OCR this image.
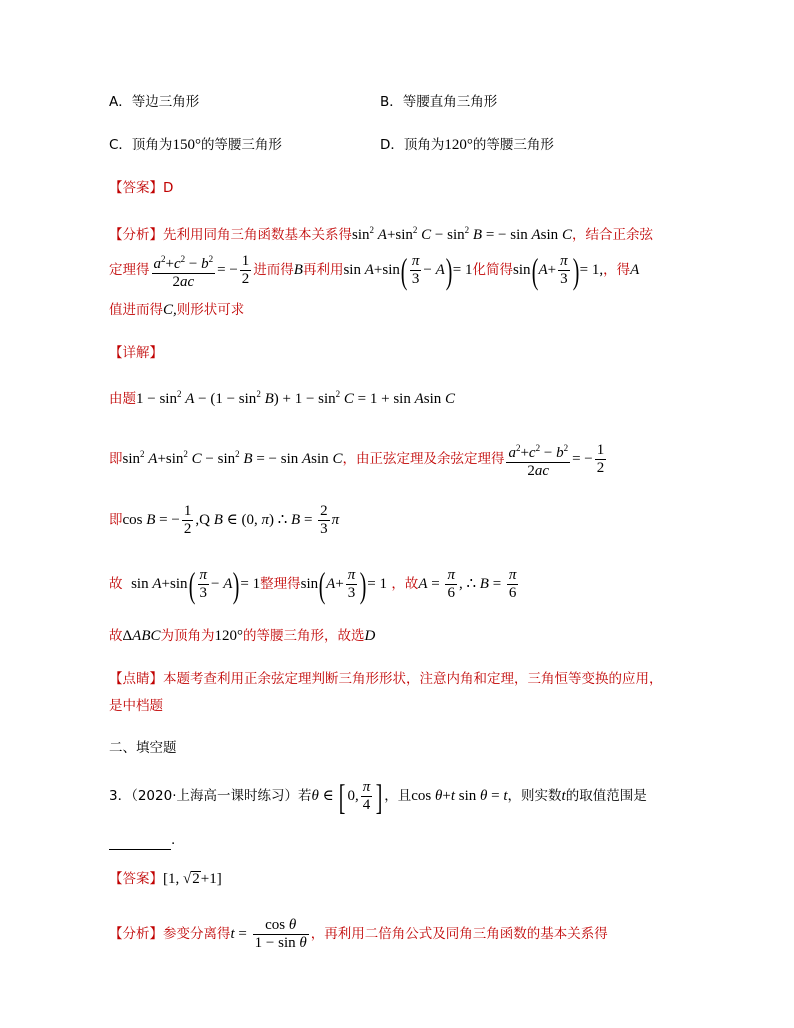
A．等边三角形	B．等腰直角三角形
C．顶角为150°的等腰三角形	D．顶角为120°的等腰三角形
【答案】D
【分析】先利用同角三角函数基本关系得$\sin^2 A+\sin^2$ $C - \sin^2 B$ = − sin Asin C，结合正余弦
定理得 $\frac{a^2+c^2 - b^2}{2ac}$ = − $\frac{1}{2}$ 进而得B再利用$\sin A+\sin( \frac{\pi}{3} - A)= 1$化简得$\sin(A+ \frac{\pi}{3}$ )= 1,，得A
值进而得C,则形状可求
【详解】
由题$1 - \sin^2 A - (1 - \sin^2 B) + 1 - \sin^2 C = 1 + \sin Asin$ C
即$\sin^2 A+\sin^2$ $C - \sin^2 B$ = − sin Asin C，由正弦定理及余弦定理得 $\frac{a^2+c^2 - b^2}{2ac}$ = − $\frac{1}{2}$
即cos B = − $\frac{1}{2} ,Q$ B ∈ (0, π) ∴ $B = \frac{2}{3}$ π
故 $\sin A+\sin( \frac{\pi}{3} - A)= 1$整理得$\sin(A+ \frac{\pi}{3}$ )= 1 ，故$A = \frac{\pi}{6}$ , ∴ $B = \frac{\pi}{6}$
故ΔABC为顶角为120°的等腰三角形，故选D
【点睛】本题考查利用正余弦定理判断三角形形状，注意内角和定理，三角恒等变换的应用，
是中档题
二、填空题
3．（2020·上海高一课时练习）若θ ∈ [ 0, $\frac{\pi}{4}$ ] ，且cos θ+t sin θ = t，则实数t的取值范围是
.
【答案】[1, √2+1]
【分析】参变分离得$t = \frac{\text{cos θ}}{\text{1 − sin θ}}$ ，再利用二倍角公式及同角三角函数的基本关系得
